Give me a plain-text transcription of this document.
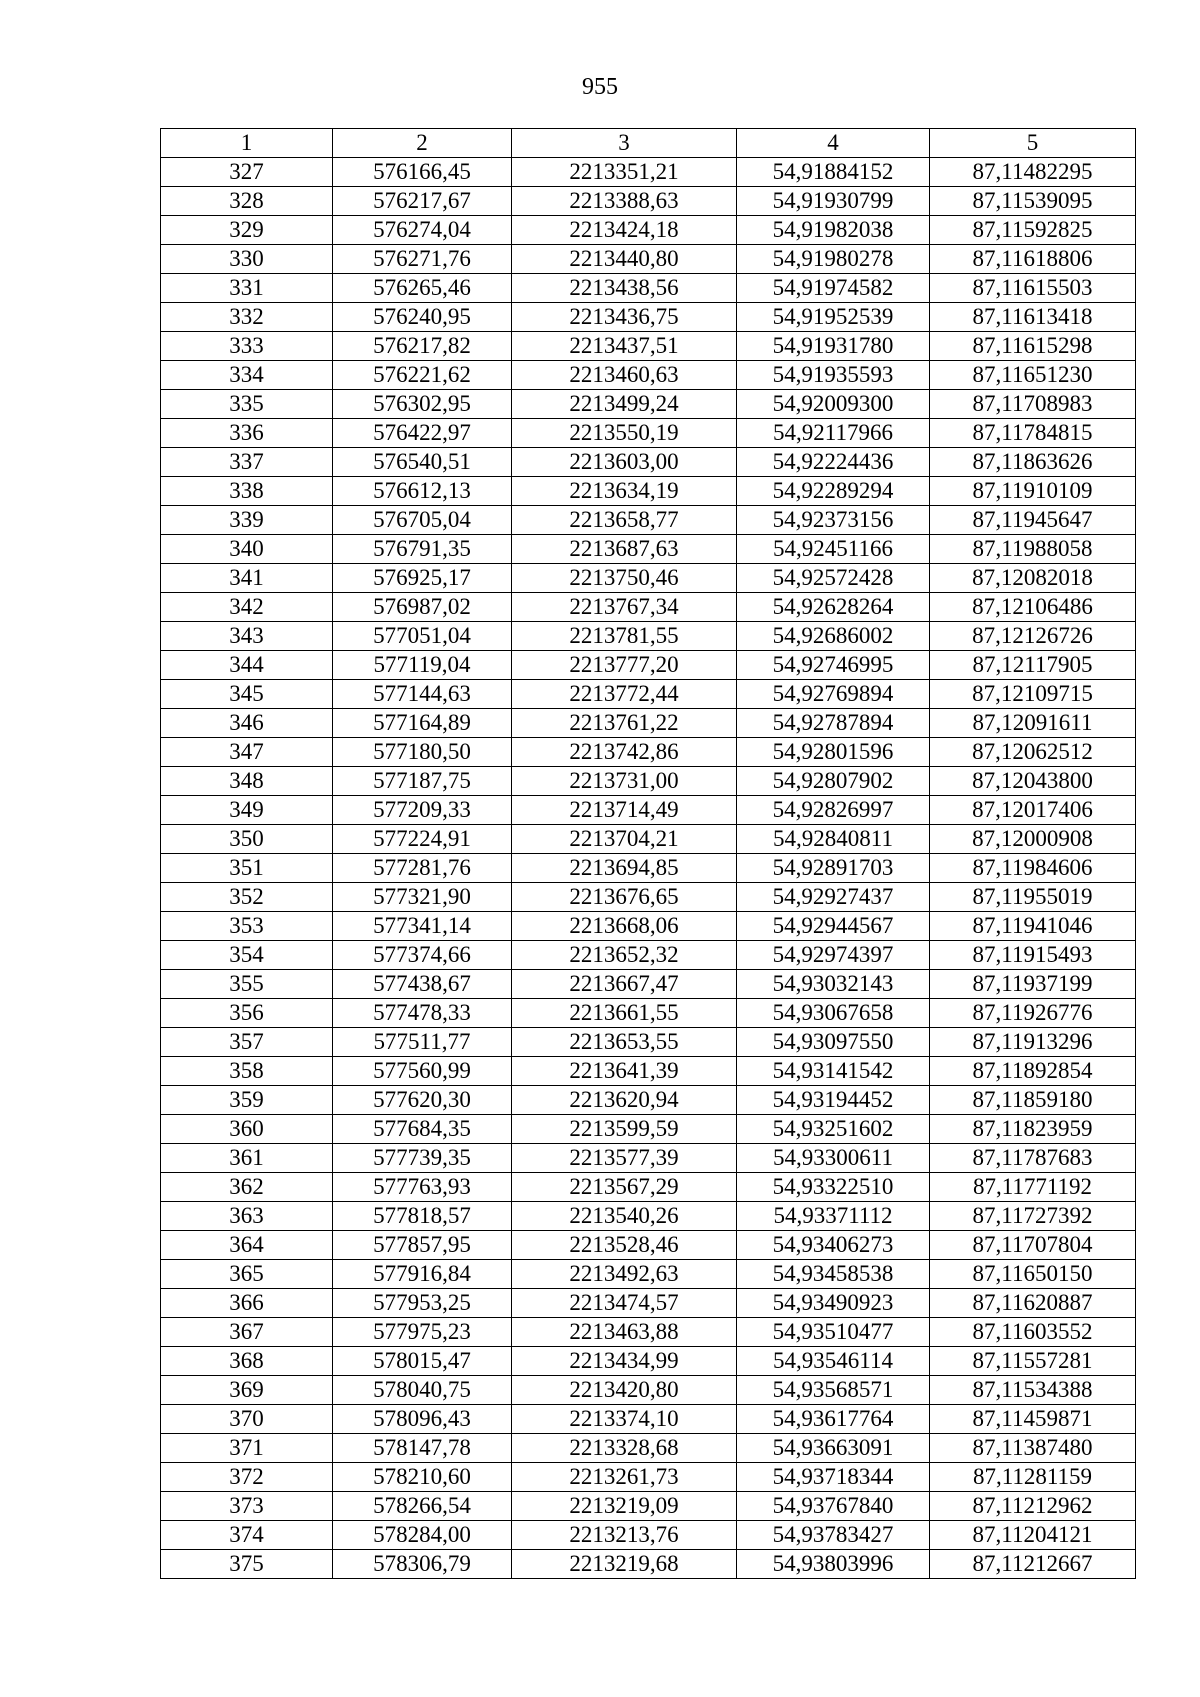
955
1	2	3	4	5
327	576166,45	2213351,21	54,91884152	87,11482295
328	576217,67	2213388,63	54,91930799	87,11539095
329	576274,04	2213424,18	54,91982038	87,11592825
330	576271,76	2213440,80	54,91980278	87,11618806
331	576265,46	2213438,56	54,91974582	87,11615503
332	576240,95	2213436,75	54,91952539	87,11613418
333	576217,82	2213437,51	54,91931780	87,11615298
334	576221,62	2213460,63	54,91935593	87,11651230
335	576302,95	2213499,24	54,92009300	87,11708983
336	576422,97	2213550,19	54,92117966	87,11784815
337	576540,51	2213603,00	54,92224436	87,11863626
338	576612,13	2213634,19	54,92289294	87,11910109
339	576705,04	2213658,77	54,92373156	87,11945647
340	576791,35	2213687,63	54,92451166	87,11988058
341	576925,17	2213750,46	54,92572428	87,12082018
342	576987,02	2213767,34	54,92628264	87,12106486
343	577051,04	2213781,55	54,92686002	87,12126726
344	577119,04	2213777,20	54,92746995	87,12117905
345	577144,63	2213772,44	54,92769894	87,12109715
346	577164,89	2213761,22	54,92787894	87,12091611
347	577180,50	2213742,86	54,92801596	87,12062512
348	577187,75	2213731,00	54,92807902	87,12043800
349	577209,33	2213714,49	54,92826997	87,12017406
350	577224,91	2213704,21	54,92840811	87,12000908
351	577281,76	2213694,85	54,92891703	87,11984606
352	577321,90	2213676,65	54,92927437	87,11955019
353	577341,14	2213668,06	54,92944567	87,11941046
354	577374,66	2213652,32	54,92974397	87,11915493
355	577438,67	2213667,47	54,93032143	87,11937199
356	577478,33	2213661,55	54,93067658	87,11926776
357	577511,77	2213653,55	54,93097550	87,11913296
358	577560,99	2213641,39	54,93141542	87,11892854
359	577620,30	2213620,94	54,93194452	87,11859180
360	577684,35	2213599,59	54,93251602	87,11823959
361	577739,35	2213577,39	54,93300611	87,11787683
362	577763,93	2213567,29	54,93322510	87,11771192
363	577818,57	2213540,26	54,93371112	87,11727392
364	577857,95	2213528,46	54,93406273	87,11707804
365	577916,84	2213492,63	54,93458538	87,11650150
366	577953,25	2213474,57	54,93490923	87,11620887
367	577975,23	2213463,88	54,93510477	87,11603552
368	578015,47	2213434,99	54,93546114	87,11557281
369	578040,75	2213420,80	54,93568571	87,11534388
370	578096,43	2213374,10	54,93617764	87,11459871
371	578147,78	2213328,68	54,93663091	87,11387480
372	578210,60	2213261,73	54,93718344	87,11281159
373	578266,54	2213219,09	54,93767840	87,11212962
374	578284,00	2213213,76	54,93783427	87,11204121
375	578306,79	2213219,68	54,93803996	87,11212667
